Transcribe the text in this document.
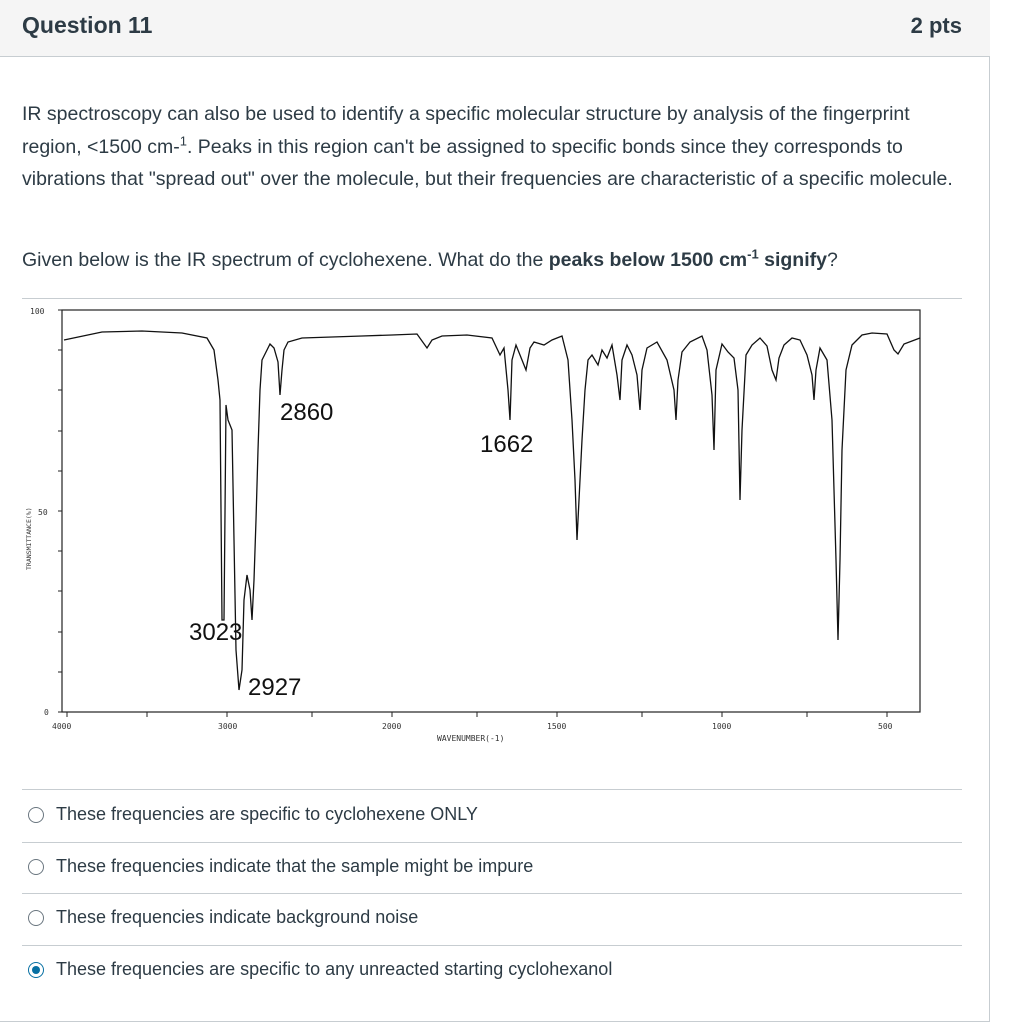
Question 11	2 pts
IR spectroscopy can also be used to identify a specific molecular structure by analysis of the fingerprint region, <1500 cm-$^1$. Peaks in this region can't be assigned to specific bonds since they corresponds to vibrations that "spread out" over the molecule, but their frequencies are characteristic of a specific molecule.
Given below is the IR spectrum of cyclohexene. What do the peaks below 1500 $cm^{-1}$ signify?
100
50
0
4000	3000	2000	1500	1000	500
WAVENUMBER(-1)
TRANSMITTANCE(%)
2860
1662
3023
2927
These frequencies are specific to cyclohexene ONLY
These frequencies indicate that the sample might be impure
These frequencies indicate background noise
These frequencies are specific to any unreacted starting cyclohexanol
